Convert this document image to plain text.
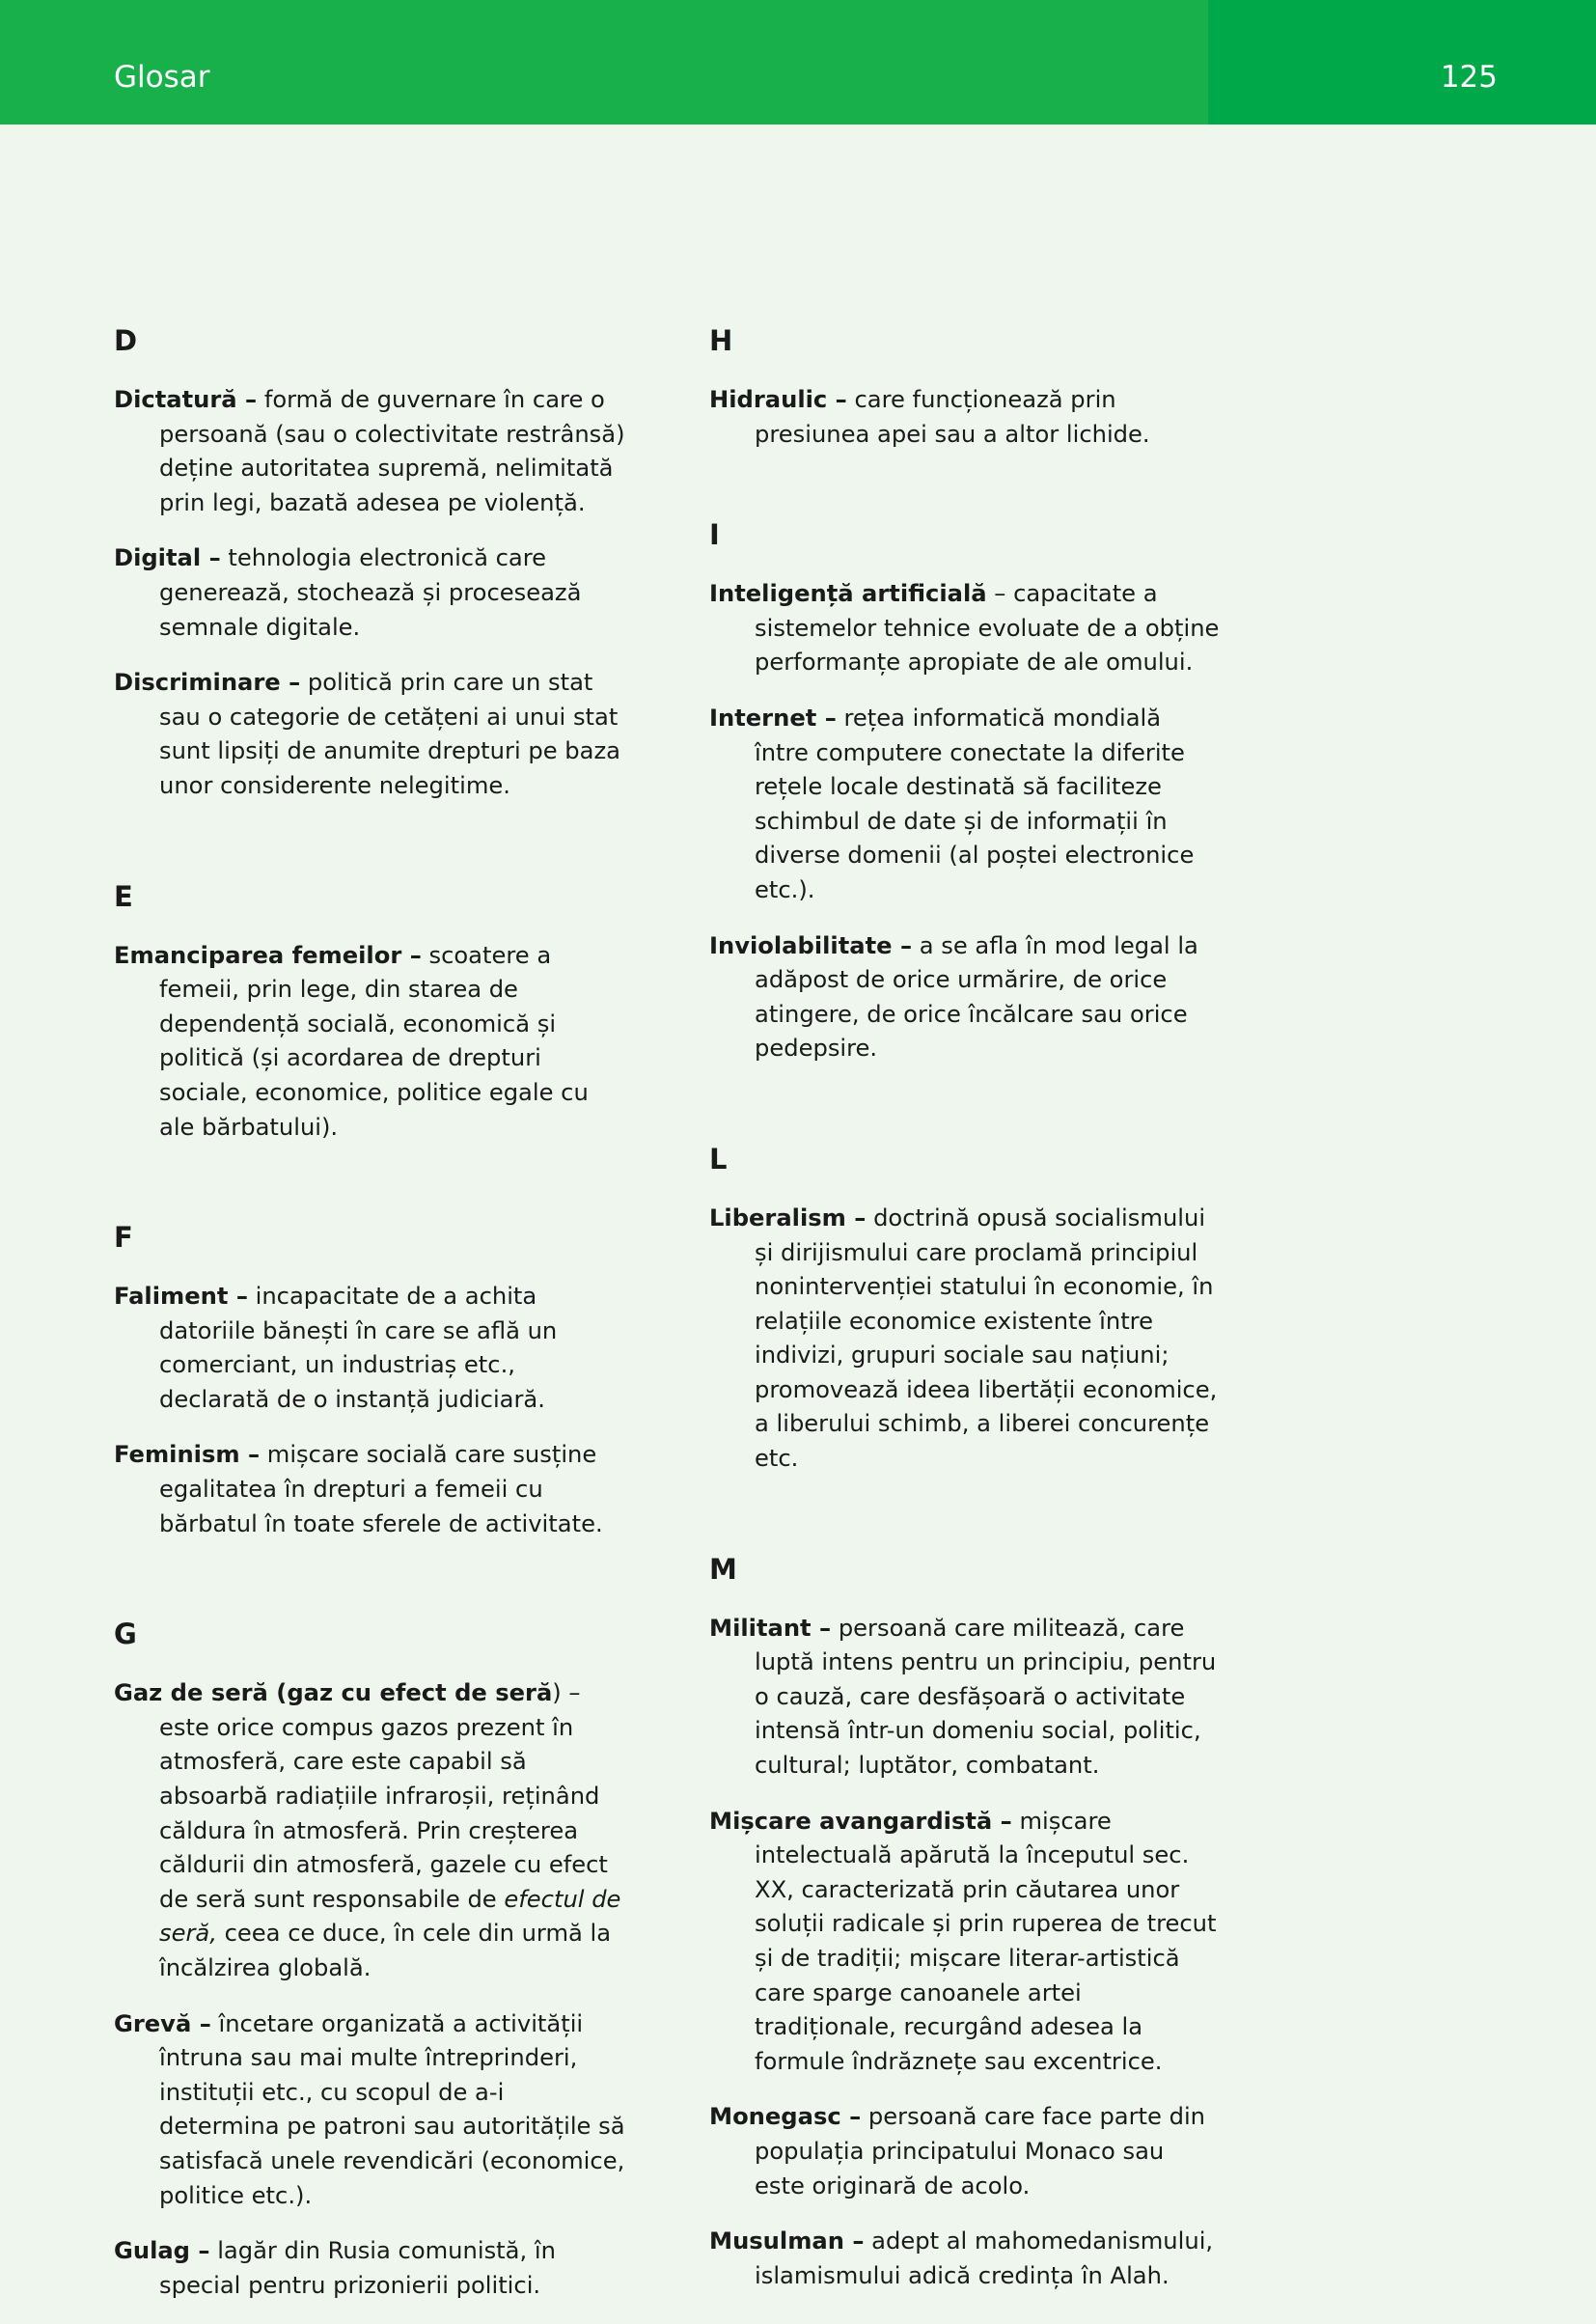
Glosar	125
D

Dictatură – formă de guvernare în care o persoană (sau o colectivitate restrânsă) deține autoritatea supremă, nelimitată prin legi, bazată adesea pe violență.

Digital – tehnologia electronică care generează, stochează și procesează semnale digitale.

Discriminare – politică prin care un stat sau o categorie de cetățeni ai unui stat sunt lipsiți de anumite drepturi pe baza unor considerente nelegitime.

E

Emanciparea femeilor – scoatere a femeii, prin lege, din starea de dependență socială, economică și politică (și acordarea de drepturi sociale, economice, politice egale cu ale bărbatului).

F

Faliment – incapacitate de a achita datoriile bănești în care se află un comerciant, un industriaș etc., declarată de o instanță judiciară.

Feminism – mișcare socială care susține egalitatea în drepturi a femeii cu bărbatul în toate sferele de activitate.

G

Gaz de seră (gaz cu efect de seră) – este orice compus gazos prezent în atmosferă, care este capabil să absoarbă radiațiile infraroșii, reținând căldura în atmosferă. Prin creșterea căldurii din atmosferă, gazele cu efect de seră sunt responsabile de efectul de seră, ceea ce duce, în cele din urmă la încălzirea globală.

Grevă – încetare organizată a activității întruna sau mai multe întreprinderi, instituții etc., cu scopul de a-i determina pe patroni sau autoritățile să satisfacă unele revendicări (economice, politice etc.).

Gulag – lagăr din Rusia comunistă, în special pentru prizonierii politici.

H

Hidraulic – care funcționează prin presiunea apei sau a altor lichide.

I

Inteligență artificială – capacitate a sistemelor tehnice evoluate de a obține performanțe apropiate de ale omului.

Internet – rețea informatică mondială între computere conectate la diferite rețele locale destinată să faciliteze schimbul de date și de informații în diverse domenii (al poștei electronice etc.).

Inviolabilitate – a se afla în mod legal la adăpost de orice urmărire, de orice atingere, de orice încălcare sau orice pedepsire.

L

Liberalism – doctrină opusă socialismului și dirijismului care proclamă principiul nonintervenției statului în economie, în relațiile economice existente între indivizi, grupuri sociale sau națiuni; promovează ideea libertății economice, a liberului schimb, a liberei concurențe etc.

M

Militant – persoană care militează, care luptă intens pentru un principiu, pentru o cauză, care desfășoară o activitate intensă într-un domeniu social, politic, cultural; luptător, combatant.

Mișcare avangardistă – mișcare intelectuală apărută la începutul sec. XX, caracterizată prin căutarea unor soluții radicale și prin ruperea de trecut și de tradiții; mișcare literar-artistică care sparge canoanele artei tradiționale, recurgând adesea la formule îndrăznețe sau excentrice.

Monegasc – persoană care face parte din populația principatului Monaco sau este originară de acolo.

Musulman – adept al mahomedanismului, islamismului adică credința în Alah.
